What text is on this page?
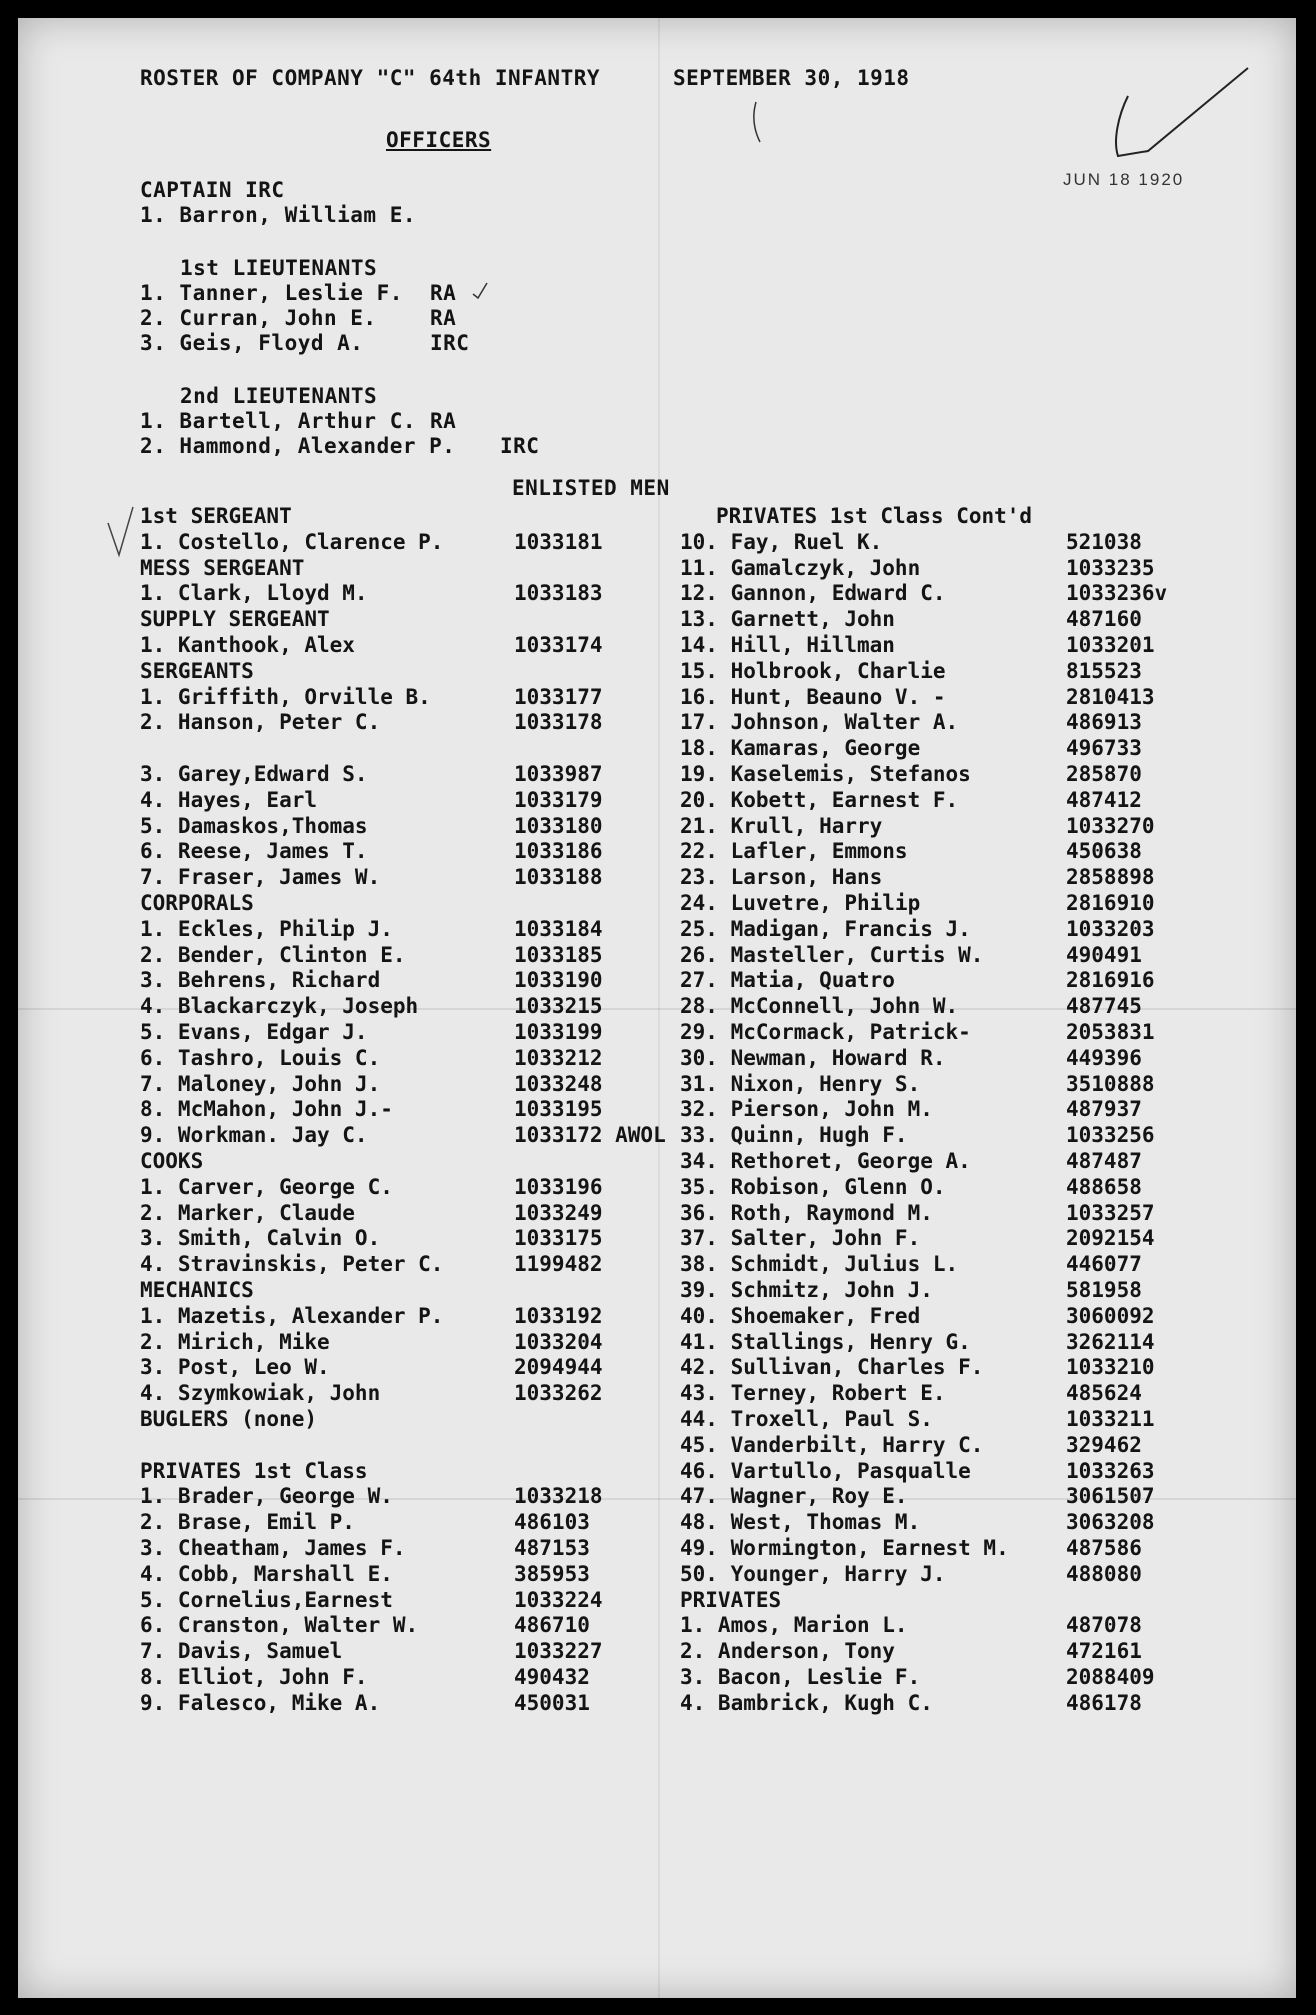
ROSTER OF COMPANY "C" 64th INFANTRY	SEPTEMBER 30, 1918
JUN 18 1920
OFFICERS
CAPTAIN IRC
1. Barron, William E.
1st LIEUTENANTS
1. Tanner, Leslie F. RA
2. Curran, John E.	RA
3. Geis, Floyd A.	IRC
2nd LIEUTENANTS
1. Bartell, Arthur C. RA
2. Hammond, Alexander P. IRC
ENLISTED MEN
1st SERGEANT
1. Costello, Clarence P.	1033181
MESS SERGEANT
1. Clark, Lloyd M.	1033183
SUPPLY SERGEANT
1. Kanthook, Alex	1033174
SERGEANTS
1. Griffith, Orville B.	1033177
2. Hanson, Peter C.	1033178
3. Garey,Edward S.	1033987
4. Hayes, Earl	1033179
5. Damaskos,Thomas	1033180
6. Reese, James T.	1033186
7. Fraser, James W.	1033188
CORPORALS
1. Eckles, Philip J.	1033184
2. Bender, Clinton E.	1033185
3. Behrens, Richard	1033190
4. Blackarczyk, Joseph	1033215
5. Evans, Edgar J.	1033199
6. Tashro, Louis C.	1033212
7. Maloney, John J.	1033248
8. McMahon, John J.-	1033195
9. Workman. Jay C.	1033172 AWOL
COOKS
1. Carver, George C.	1033196
2. Marker, Claude	1033249
3. Smith, Calvin O.	1033175
4. Stravinskis, Peter C.	1199482
MECHANICS
1. Mazetis, Alexander P.	1033192
2. Mirich, Mike	1033204
3. Post, Leo W.	2094944
4. Szymkowiak, John	1033262
BUGLERS (none)
PRIVATES 1st Class
1. Brader, George W.	1033218
2. Brase, Emil P.	486103
3. Cheatham, James F.	487153
4. Cobb, Marshall E.	385953
5. Cornelius,Earnest	1033224
6. Cranston, Walter W.	486710
7. Davis, Samuel	1033227
8. Elliot, John F.	490432
9. Falesco, Mike A.	450031
PRIVATES 1st Class Cont'd
10. Fay, Ruel K.	521038
11. Gamalczyk, John	1033235
12. Gannon, Edward C.	1033236v
13. Garnett, John	487160
14. Hill, Hillman	1033201
15. Holbrook, Charlie	815523
16. Hunt, Beauno V. -	2810413
17. Johnson, Walter A.	486913
18. Kamaras, George	496733
19. Kaselemis, Stefanos	285870
20. Kobett, Earnest F.	487412
21. Krull, Harry	1033270
22. Lafler, Emmons	450638
23. Larson, Hans	2858898
24. Luvetre, Philip	2816910
25. Madigan, Francis J.	1033203
26. Masteller, Curtis W.	490491
27. Matia, Quatro	2816916
28. McConnell, John W.	487745
29. McCormack, Patrick-	2053831
30. Newman, Howard R.	449396
31. Nixon, Henry S.	3510888
32. Pierson, John M.	487937
33. Quinn, Hugh F.	1033256
34. Rethoret, George A.	487487
35. Robison, Glenn O.	488658
36. Roth, Raymond M.	1033257
37. Salter, John F.	2092154
38. Schmidt, Julius L.	446077
39. Schmitz, John J.	581958
40. Shoemaker, Fred	3060092
41. Stallings, Henry G.	3262114
42. Sullivan, Charles F.	1033210
43. Terney, Robert E.	485624
44. Troxell, Paul S.	1033211
45. Vanderbilt, Harry C.	329462
46. Vartullo, Pasqualle	1033263
47. Wagner, Roy E.	3061507
48. West, Thomas M.	3063208
49. Wormington, Earnest M.	487586
50. Younger, Harry J.	488080
PRIVATES
1. Amos, Marion L.	487078
2. Anderson, Tony	472161
3. Bacon, Leslie F.	2088409
4. Bambrick, Kugh C.	486178
